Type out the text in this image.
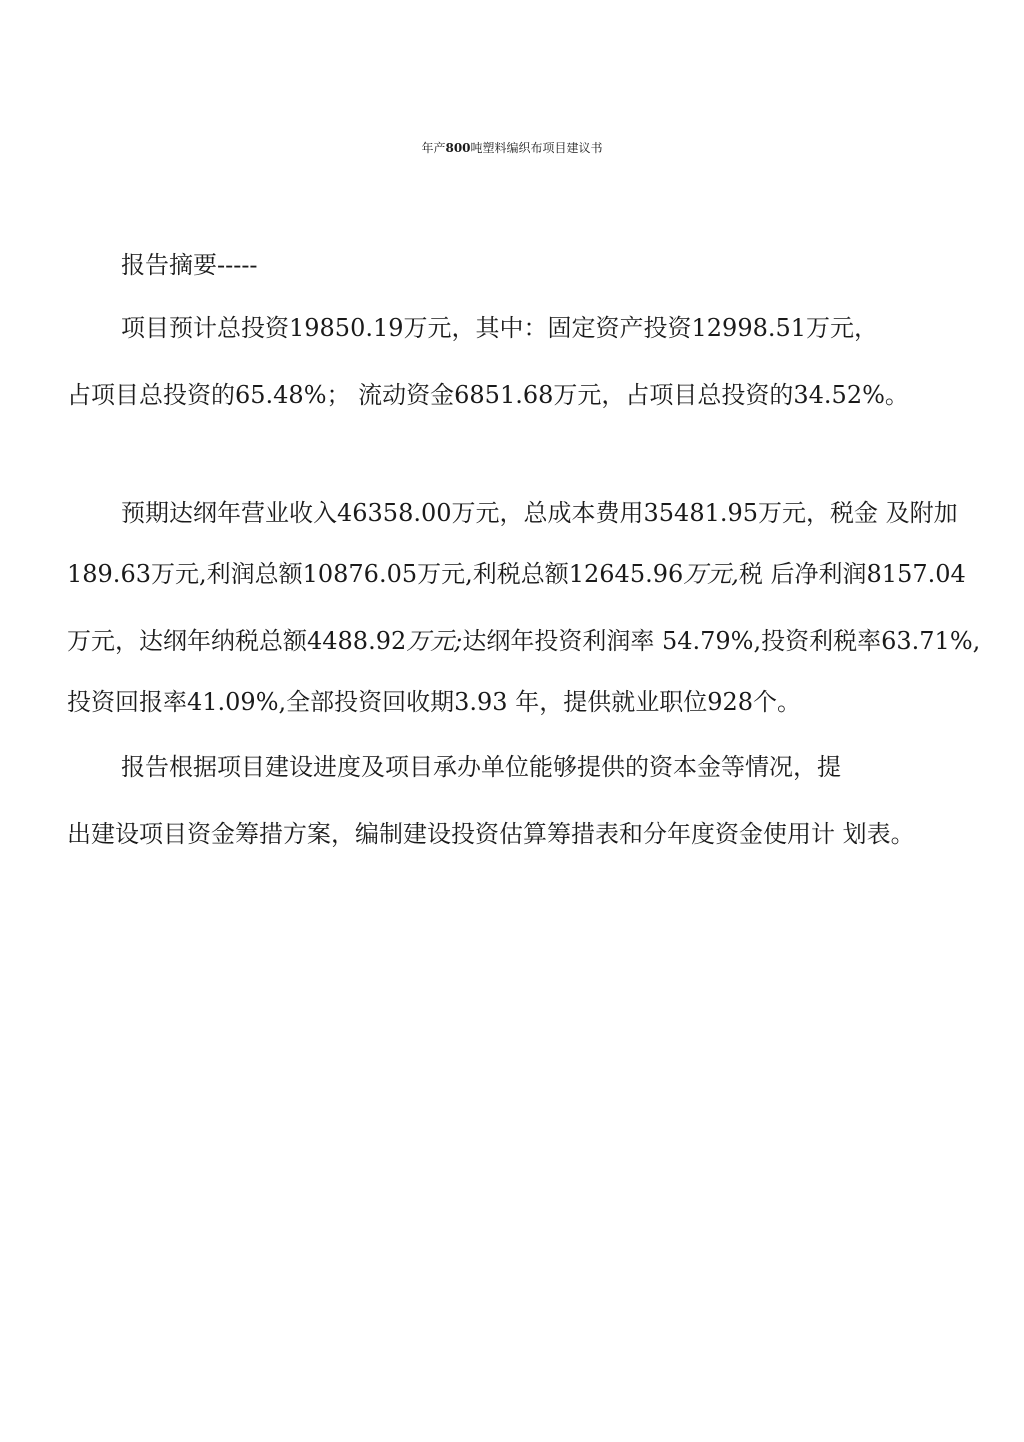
年产800吨塑料编织布项目建议书
报告摘要-----
项目预计总投资19850.19万元，其中：固定资产投资12998.51万元，
占项目总投资的65.48%； 流动资金6851.68万元，占项目总投资的34.52%。
预期达纲年营业收入46358.00万元，总成本费用35481.95万元，税金 及附加
189.63万元,利润总额10876.05万元,利税总额12645.96万元,税 后净利润8157.04
万元，达纲年纳税总额4488.92万元;达纲年投资利润率 54.79%,投资利税率63.71%,
投资回报率41.09%,全部投资回收期3.93 年，提供就业职位928个。
报告根据项目建设进度及项目承办单位能够提供的资本金等情况，提
出建设项目资金筹措方案，编制建设投资估算筹措表和分年度资金使用计 划表。
